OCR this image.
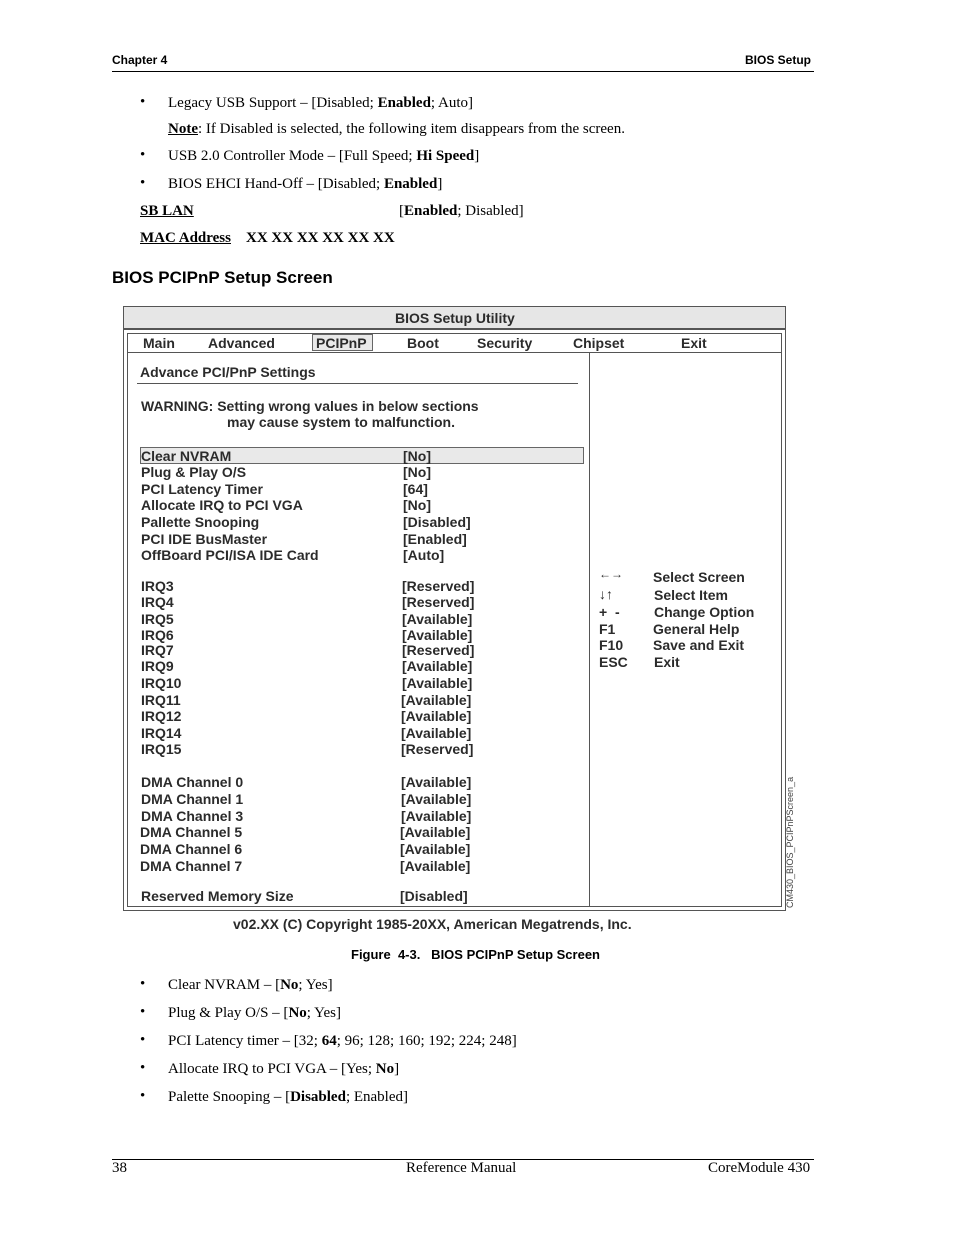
Chapter 4	BIOS Setup
• Legacy USB Support – [Disabled; Enabled; Auto]
Note: If Disabled is selected, the following item disappears from the screen.
• USB 2.0 Controller Mode – [Full Speed; Hi Speed]
• BIOS EHCI Hand-Off – [Disabled; Enabled]
SB LAN	[Enabled; Disabled]
MAC Address XX XX XX XX XX XX
BIOS PCIPnP Setup Screen
BIOS Setup Utility
Main Advanced	PCIPnP	Boot	Security	Chipset	Exit
Advance PCI/PnP Settings
WARNING: Setting wrong values in below sections
may cause system to malfunction.
Clear NVRAM	[No]
Plug & Play O/S	[No]
PCI Latency Timer	[64]
Allocate IRQ to PCI VGA	[No]
Pallette Snooping	[Disabled]
PCI IDE BusMaster	[Enabled]
OffBoard PCI/ISA IDE Card	[Auto]
IRQ3	[Reserved]
IRQ4	[Reserved]
IRQ5	[Available]
IRQ6	[Available]
IRQ7	[Reserved]
IRQ9	[Available]
IRQ10	[Available]
IRQ11	[Available]
IRQ12	[Available]
IRQ14	[Available]
IRQ15	[Reserved]
DMA Channel 0	[Available]
DMA Channel 1	[Available]
DMA Channel 3	[Available]
DMA Channel 5	[Available]
DMA Channel 6	[Available]
DMA Channel 7	[Available]
Reserved Memory Size	[Disabled]
←→ Select Screen
↓↑	Select Item
+  - Change Option
F1	General Help
F10 Save and Exit
ESC Exit
CM430_BIOS_PCIPnPScreen_a
v02.XX (C) Copyright 1985-20XX, American Megatrends, Inc.
Figure  4-3.   BIOS PCIPnP Setup Screen
• Clear NVRAM – [No; Yes]
• Plug & Play O/S – [No; Yes]
• PCI Latency timer – [32; 64; 96; 128; 160; 192; 224; 248]
• Allocate IRQ to PCI VGA – [Yes; No]
• Palette Snooping – [Disabled; Enabled]
38	Reference Manual	CoreModule 430
